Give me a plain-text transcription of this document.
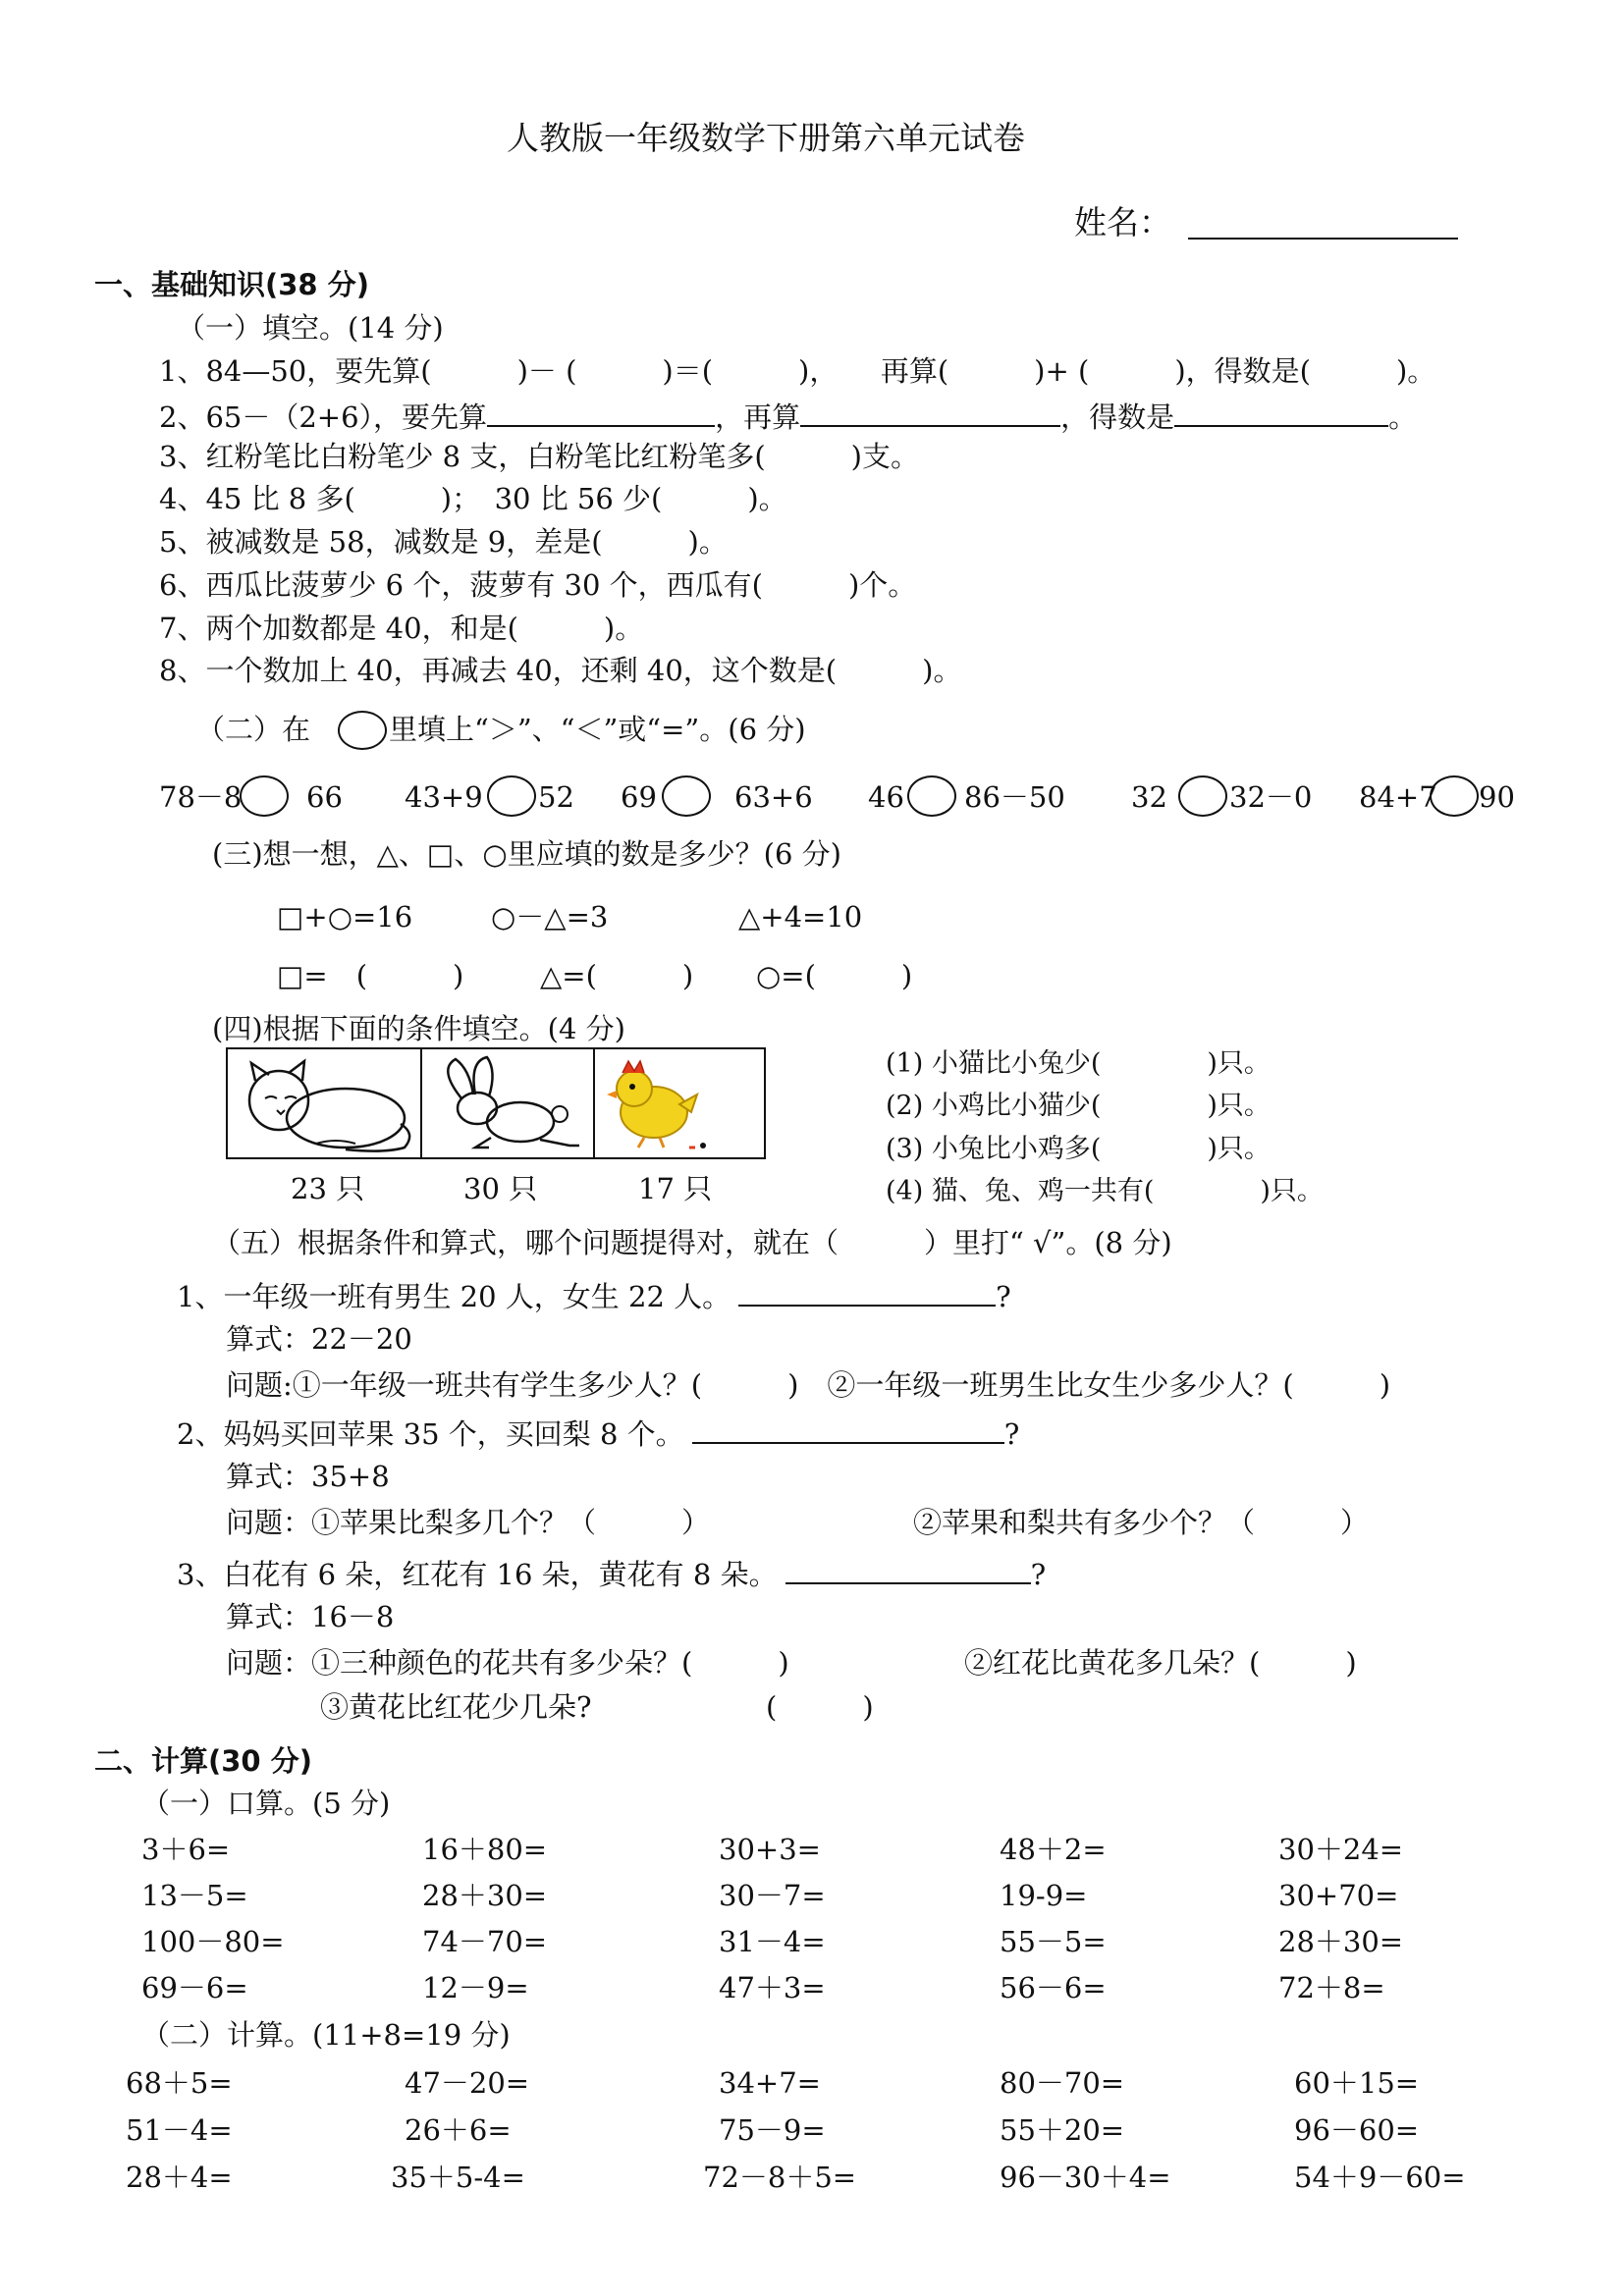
人教版一年级数学下册第六单元试卷
姓名：
一、基础知识(38 分)
（一）填空。(14 分)
1、84—50，要先算(　　　)－ (　　　)＝(　　　)，　　再算(　　　)+ (　　　)，得数是(　　　)。
2、65－（2+6），要先算	，再算	，得数是	。
3、红粉笔比白粉笔少 8 支，白粉笔比红粉笔多(　　　)支。
4、45 比 8 多(　　　)；　30 比 56 少(　　　)。
5、被减数是 58，减数是 9，差是(　　　)。
6、西瓜比菠萝少 6 个，菠萝有 30 个，西瓜有(　　　)个。
7、两个加数都是 40，和是(　　　)。
8、一个数加上 40，再减去 40，还剩 40，这个数是(　　　)。
（二）在	里填上“＞”、“＜”或“=”。(6 分)
78－8 66 43+9 52 69	63+6 46 86－50 32 32－0 84+7 90
(三)想一想，△、□、○里应填的数是多少？(6 分)
□+○=16	○－△=3	△+4=10
□=　(　　　)	△=(　　　) ○=(　　　)
(四)根据下面的条件填空。(4 分)
23 只	30 只	17 只
(1) 小猫比小兔少(　　　　)只。
(2) 小鸡比小猫少(　　　　)只。
(3) 小兔比小鸡多(　　　　)只。
(4) 猫、兔、鸡一共有(　　　　)只。
（五）根据条件和算式，哪个问题提得对，就在（　　　）里打“ √”。(8 分)
1、一年级一班有男生 20 人，女生 22 人。	?
算式：22－20
问题:①一年级一班共有学生多少人？(　　　)　②一年级一班男生比女生少多少人？(　　　)
2、妈妈买回苹果 35 个，买回梨 8 个。	?
算式：35+8
问题：①苹果比梨多几个？（　　　）	②苹果和梨共有多少个？（　　　）
3、白花有 6 朵，红花有 16 朵，黄花有 8 朵。	?
算式：16－8
问题：①三种颜色的花共有多少朵？(　　　)	②红花比黄花多几朵？(　　　)
③黄花比红花少几朵?	(　　　)
二、计算(30 分)
（一）口算。(5 分)
3＋6=	16＋80=	30+3=	48＋2=	30＋24=
13－5=	28＋30=	30－7=	19-9=	30+70=
100－80=	74－70=	31－4=	55－5=	28＋30=
69－6=	12－9=	47＋3=	56－6=	72＋8=
（二）计算。(11+8=19 分)
68＋5=	47－20=	34+7=	80－70=	60＋15=
51－4=	26＋6=	75－9=	55＋20=	96－60=
28＋4=	35＋5-4=	72－8＋5=	96－30＋4=	54＋9－60=
